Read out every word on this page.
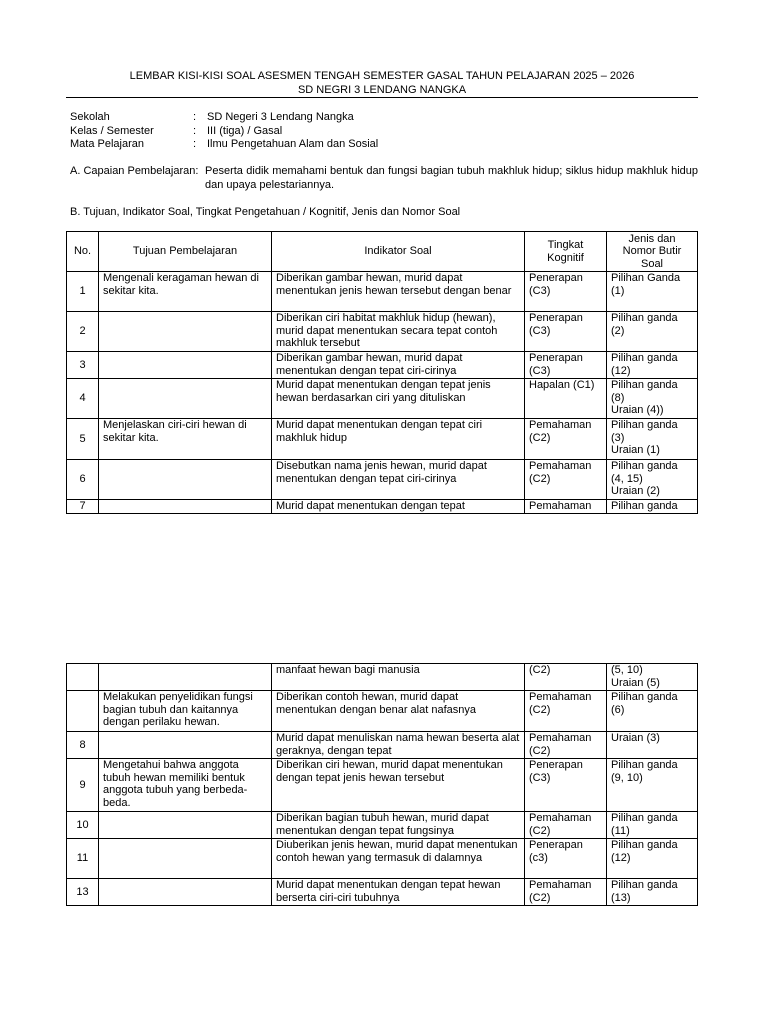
LEMBAR KISI-KISI SOAL ASESMEN TENGAH SEMESTER GASAL TAHUN PELAJARAN 2025 – 2026
SD NEGRI 3 LENDANG NANGKA
Sekolah	: SD Negeri 3 Lendang Nangka
Kelas / Semester	: III (tiga) / Gasal
Mata Pelajaran	: Ilmu Pengetahuan Alam dan Sosial
A. Capaian Pembelajaran: Peserta didik memahami bentuk dan fungsi bagian tubuh makhluk hidup; siklus hidup makhluk hidup dan upaya pelestariannya.
B. Tujuan, Indikator Soal, Tingkat Pengetahuan / Kognitif, Jenis dan Nomor Soal
No.	Tujuan Pembelajaran	Indikator Soal	Tingkat Kognitif	Jenis dan Nomor Butir Soal
1	Mengenali keragaman hewan di sekitar kita.	Diberikan gambar hewan, murid dapat menentukan jenis hewan tersebut dengan benar	Penerapan (C3)	Pilihan Ganda (1)
2		Diberikan ciri habitat makhluk hidup (hewan), murid dapat menentukan secara tepat contoh makhluk tersebut	Penerapan (C3)	Pilihan ganda (2)
3		Diberikan gambar hewan, murid dapat menentukan dengan tepat ciri-cirinya	Penerapan (C3)	Pilihan ganda (12)
4		Murid dapat menentukan dengan tepat jenis hewan berdasarkan ciri yang dituliskan	Hapalan (C1)	Pilihan ganda (8)
Uraian (4))
5	Menjelaskan ciri-ciri hewan di sekitar kita.	Murid dapat menentukan dengan tepat ciri makhluk hidup	Pemahaman (C2)	Pilihan ganda (3)
Uraian (1)
6		Disebutkan nama jenis hewan, murid dapat menentukan dengan tepat ciri-cirinya	Pemahaman (C2)	Pilihan ganda (4, 15)
Uraian (2)
7		Murid dapat menentukan dengan tepat	Pemahaman	Pilihan ganda
		manfaat hewan bagi manusia	(C2)	(5, 10)
Uraian (5)
	Melakukan penyelidikan fungsi bagian tubuh dan kaitannya dengan perilaku hewan.	Diberikan contoh hewan, murid dapat menentukan dengan benar alat nafasnya	Pemahaman (C2)	Pilihan ganda (6)
8		Murid dapat menuliskan nama hewan beserta alat geraknya, dengan tepat	Pemahaman (C2)	Uraian (3)
9	Mengetahui bahwa anggota tubuh hewan memiliki bentuk anggota tubuh yang berbeda-beda.	Diberikan ciri hewan, murid dapat menentukan dengan tepat jenis hewan tersebut	Penerapan (C3)	Pilihan ganda (9, 10)
10		Diberikan bagian tubuh hewan, murid dapat menentukan dengan tepat fungsinya	Pemahaman (C2)	Pilihan ganda (11)
11		Diuberikan jenis hewan, murid dapat menentukan contoh hewan yang termasuk di dalamnya	Penerapan (c3)	Pilihan ganda (12)
13		Murid dapat menentukan dengan tepat hewan berserta ciri-ciri tubuhnya	Pemahaman (C2)	Pilihan ganda (13)
